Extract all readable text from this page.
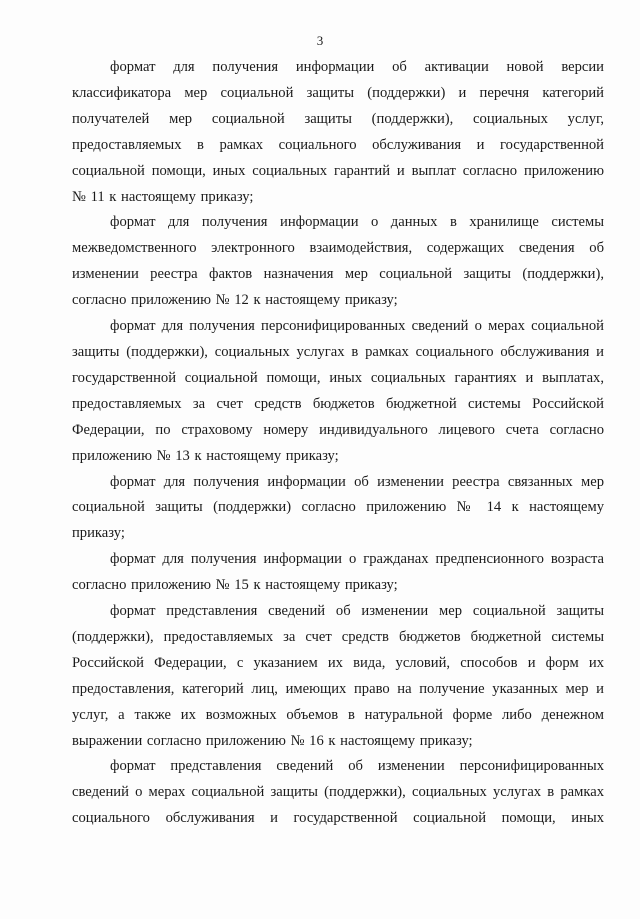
3

формат для получения информации об активации новой версии классификатора мер социальной защиты (поддержки) и перечня категорий получателей мер социальной защиты (поддержки), социальных услуг, предоставляемых в рамках социального обслуживания и государственной социальной помощи, иных социальных гарантий и выплат согласно приложению № 11 к настоящему приказу;

формат для получения информации о данных в хранилище системы межведомственного электронного взаимодействия, содержащих сведения об изменении реестра фактов назначения мер социальной защиты (поддержки), согласно приложению № 12 к настоящему приказу;

формат для получения персонифицированных сведений о мерах социальной защиты (поддержки), социальных услугах в рамках социального обслуживания и государственной социальной помощи, иных социальных гарантиях и выплатах, предоставляемых за счет средств бюджетов бюджетной системы Российской Федерации, по страховому номеру индивидуального лицевого счета согласно приложению № 13 к настоящему приказу;

формат для получения информации об изменении реестра связанных мер социальной защиты (поддержки) согласно приложению № 14 к настоящему приказу;

формат для получения информации о гражданах предпенсионного возраста согласно приложению № 15 к настоящему приказу;

формат представления сведений об изменении мер социальной защиты (поддержки), предоставляемых за счет средств бюджетов бюджетной системы Российской Федерации, с указанием их вида, условий, способов и форм их предоставления, категорий лиц, имеющих право на получение указанных мер и услуг, а также их возможных объемов в натуральной форме либо денежном выражении согласно приложению № 16 к настоящему приказу;

формат представления сведений об изменении персонифицированных сведений о мерах социальной защиты (поддержки), социальных услугах в рамках социального обслуживания и государственной социальной помощи, иных
